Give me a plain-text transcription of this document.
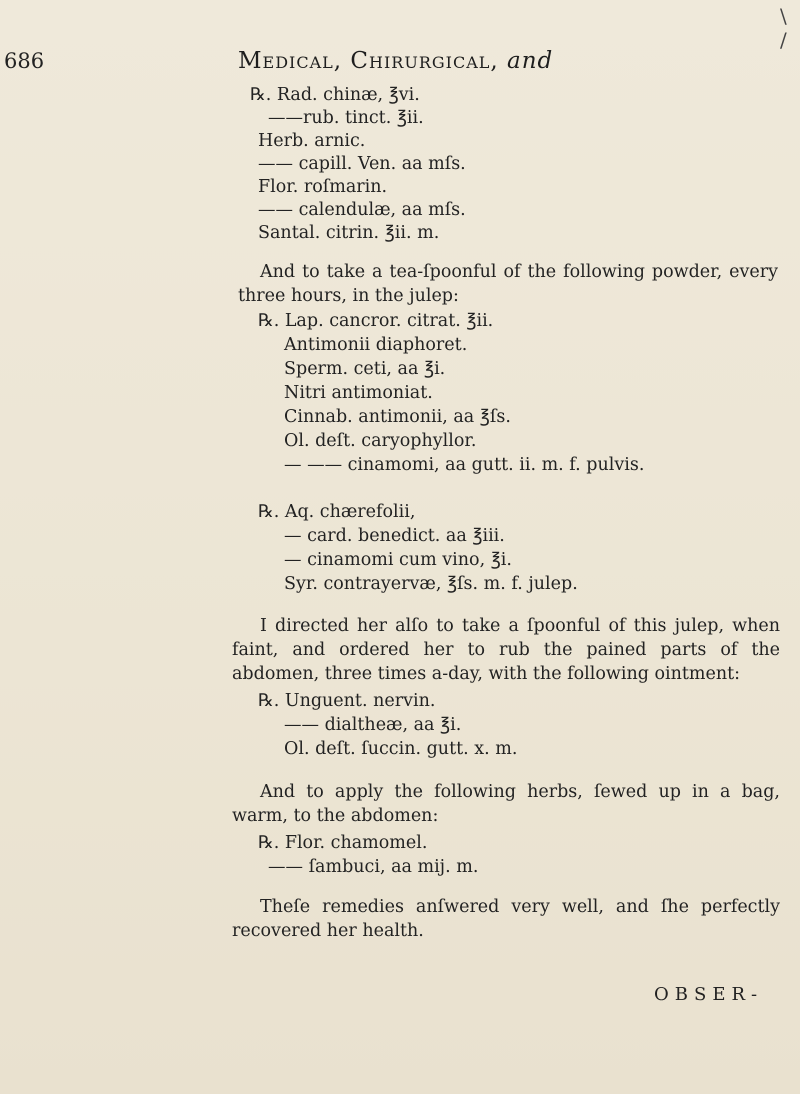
\ /
686	Medical, Chirurgical, and
℞. Rad. chinæ, ℥vi.
——rub. tinct. ℥ii.
Herb. arnic.
—— capill. Ven. aa mſs.
Flor. roſmarin.
—— calendulæ, aa mſs.
Santal. citrin. ℥ii. m.
And to take a tea-ſpoonful of the following powder, every three hours, in the julep:
℞. Lap. cancror. citrat. ℥ii.
Antimonii diaphoret.
Sperm. ceti, aa ℥i.
Nitri antimoniat.
Cinnab. antimonii, aa ℥ſs.
Ol. deſt. caryophyllor.
— —— cinamomi, aa gutt. ii. m. f. pulvis.
℞. Aq. chærefolii,
— card. benedict. aa ℥iii.
— cinamomi cum vino, ℥i.
Syr. contrayervæ, ℥ſs. m. f. julep.
I directed her alſo to take a ſpoonful of this julep, when faint, and ordered her to rub the pained parts of the abdomen, three times a-day, with the following ointment:
℞. Unguent. nervin.
—— dialtheæ, aa ℥i.
Ol. deſt. ſuccin. gutt. x. m.
And to apply the following herbs, ſewed up in a bag, warm, to the abdomen:
℞. Flor. chamomel.
—— ſambuci, aa mij. m.
Theſe remedies anſwered very well, and ſhe perfectly recovered her health.
OBSER-
